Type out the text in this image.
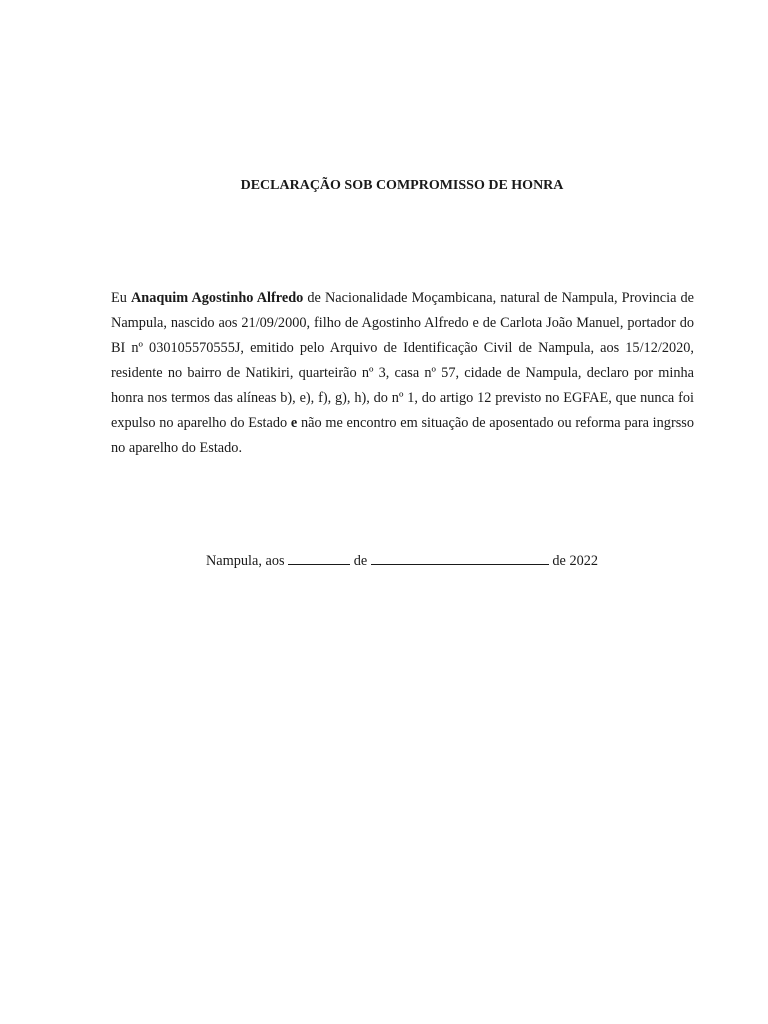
DECLARAÇÃO SOB COMPROMISSO DE HONRA
Eu Anaquim Agostinho Alfredo de Nacionalidade Moçambicana, natural de Nampula, Provincia de Nampula, nascido aos 21/09/2000, filho de Agostinho Alfredo e de Carlota João Manuel, portador do BI nº 030105570555J, emitido pelo Arquivo de Identificação Civil de Nampula, aos 15/12/2020, residente no bairro de Natikiri, quarteirão nº 3, casa nº 57, cidade de Nampula, declaro por minha honra nos termos das alíneas b), e), f), g), h), do nº 1, do artigo 12 previsto no EGFAE, que nunca foi expulso no aparelho do Estado e não me encontro em situação de aposentado ou reforma para ingrsso no aparelho do Estado.
Nampula, aos	de	de 2022
